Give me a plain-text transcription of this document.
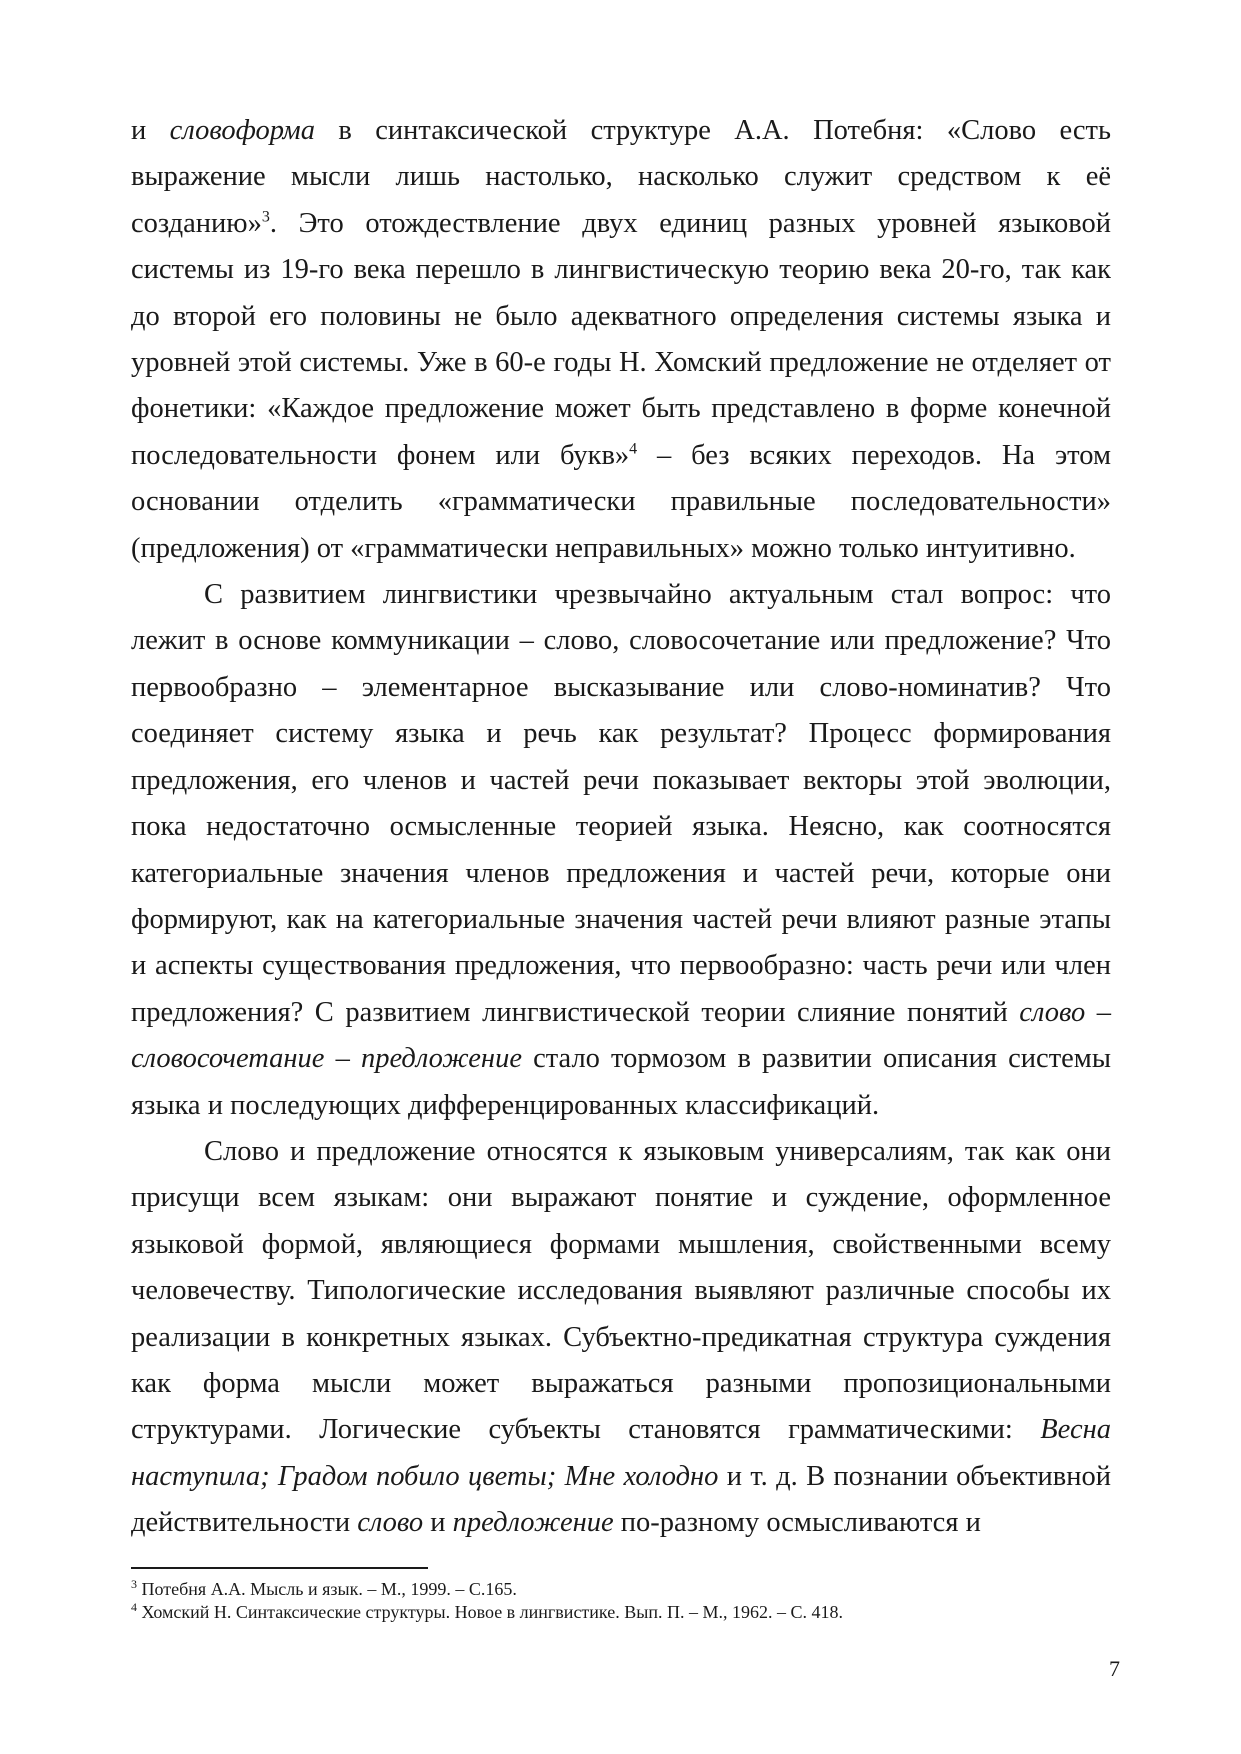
и словоформа в синтаксической структуре А.А. Потебня: «Слово есть выражение мысли лишь настолько, насколько служит средством к её созданию»$^3$. Это отождествление двух единиц разных уровней языковой системы из 19-го века перешло в лингвистическую теорию века 20-го, так как до второй его половины не было адекватного определения системы языка и уровней этой системы. Уже в 60-е годы Н. Хомский предложение не отделяет от фонетики: «Каждое предложение может быть представлено в форме конечной последовательности фонем или букв»$^4$ – без всяких переходов. На этом основании отделить «грамматически правильные последовательности» (предложения) от «грамматически неправильных» можно только интуитивно.

С развитием лингвистики чрезвычайно актуальным стал вопрос: что лежит в основе коммуникации – слово, словосочетание или предложение? Что первообразно – элементарное высказывание или слово-номинатив? Что соединяет систему языка и речь как результат? Процесс формирования предложения, его членов и частей речи показывает векторы этой эволюции, пока недостаточно осмысленные теорией языка. Неясно, как соотносятся категориальные значения членов предложения и частей речи, которые они формируют, как на категориальные значения частей речи влияют разные этапы и аспекты существования предложения, что первообразно: часть речи или член предложения? С развитием лингвистической теории слияние понятий слово – словосочетание – предложение стало тормозом в развитии описания системы языка и последующих дифференцированных классификаций.

Слово и предложение относятся к языковым универсалиям, так как они присущи всем языкам: они выражают понятие и суждение, оформленное языковой формой, являющиеся формами мышления, свойственными всему человечеству. Типологические исследования выявляют различные способы их реализации в конкретных языках. Субъектно-предикатная структура суждения как форма мысли может выражаться разными пропозициональными структурами. Логические субъекты становятся грамматическими: Весна наступила; Градом побило цветы; Мне холодно и т. д. В познании объективной действительности слово и предложение по-разному осмысливаются и

$^3$ Потебня А.А. Мысль и язык. – М., 1999. – С.165.
$^4$ Хомский Н. Синтаксические структуры. Новое в лингвистике. Вып. П. – М., 1962. – С. 418.
7
